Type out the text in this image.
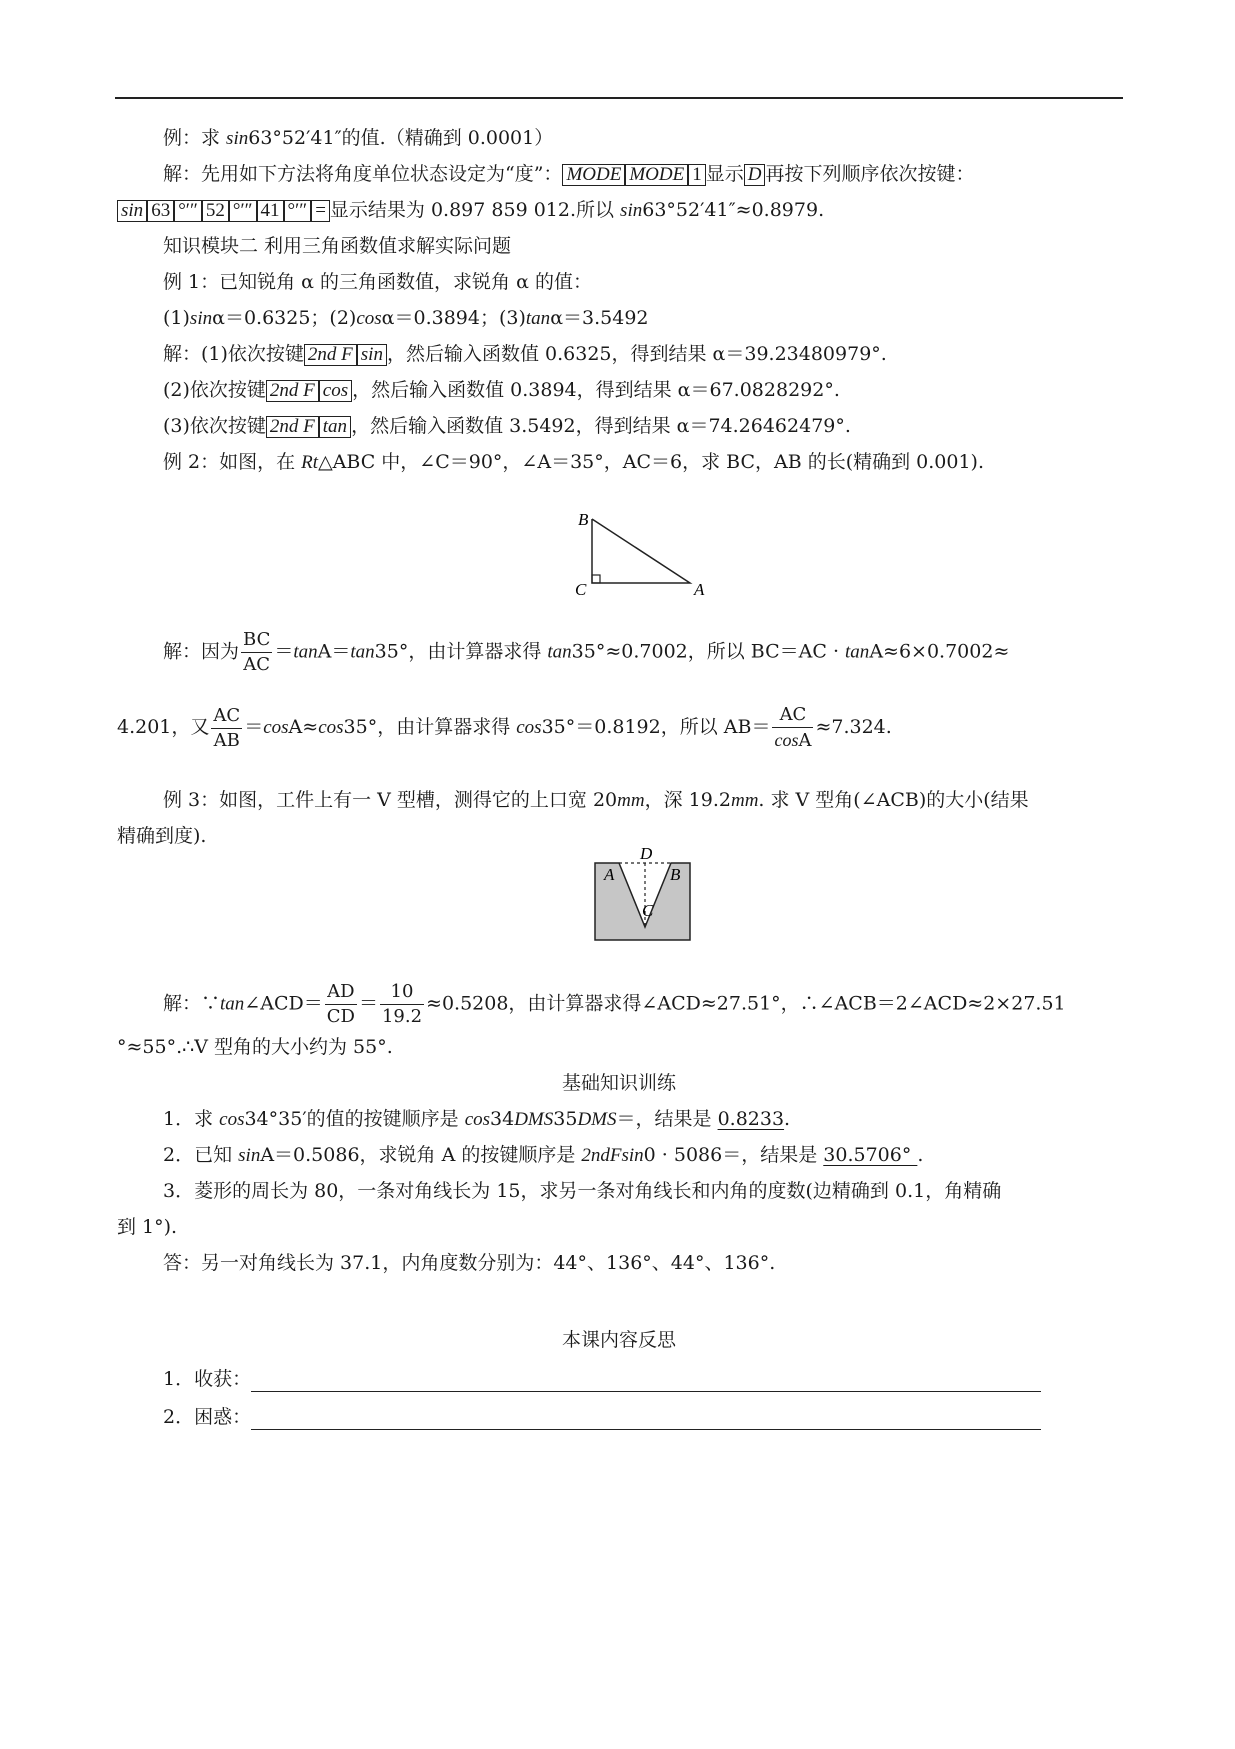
例：求 sin63°52′41″的值.（精确到 0.0001）
解：先用如下方法将角度单位状态设定为“度”： MODE MODE 1 显示 D 再按下列顺序依次按键：
sin 63 °′″ 52 °′″ 41 °′″ = 显示结果为 0.897 859 012.所以 sin63°52′41″≈0.8979.
知识模块二 利用三角函数值求解实际问题
例 1：已知锐角 α 的三角函数值，求锐角 α 的值：
(1)sinα＝0.6325；(2)cosα＝0.3894；(3)tanα＝3.5492
解：(1)依次按键 2nd F sin ，然后输入函数值 0.6325，得到结果 α＝39.23480979°.
(2)依次按键 2nd F cos ，然后输入函数值 0.3894，得到结果 α＝67.0828292°.
(3)依次按键 2nd F tan ，然后输入函数值 3.5492，得到结果 α＝74.26462479°.
例 2：如图，在 Rt△ABC 中，∠C＝90°，∠A＝35°，AC＝6，求 BC，AB 的长(精确到 0.001).
B
C	A
解：因为 $\frac{BC}{AC} =\tan A=\tan 35^\circ$，由计算器求得 tan35°≈0.7002，所以 BC＝AC · tanA≈6×0.7002≈
4.201，又 $\frac{AC}{AB} =\cos A\approx\cos 35^\circ$，由计算器求得 cos35°＝0.8192，所以 $AB= \frac{AC}{\cos A} \approx 7.324$.
例 3：如图，工件上有一 V 型槽，测得它的上口宽 20mm，深 19.2mm. 求 V 型角(∠ACB)的大小(结果
精确到度).
A
D
B
C
解：∵tan∠ACD＝ $\frac{AD}{CD} = \frac{10}{19.2} \approx 0.5208$，由计算器求得∠ACD≈27.51°，∴∠ACB＝2∠ACD≈2×27.51
°≈55°.∴V 型角的大小约为 55°.
基础知识训练
1．求 cos34°35′的值的按键顺序是 cos34DMS35DMS＝，结果是 0.8233.
2．已知 sinA＝0.5086，求锐角 A 的按键顺序是 2ndFsin0 · 5086＝，结果是 30.5706° .
3．菱形的周长为 80，一条对角线长为 15，求另一条对角线长和内角的度数(边精确到 0.1，角精确
到 1°).
答：另一对角线长为 37.1，内角度数分别为：44°、136°、44°、136°.
本课内容反思
1．收获：
2．困惑：
